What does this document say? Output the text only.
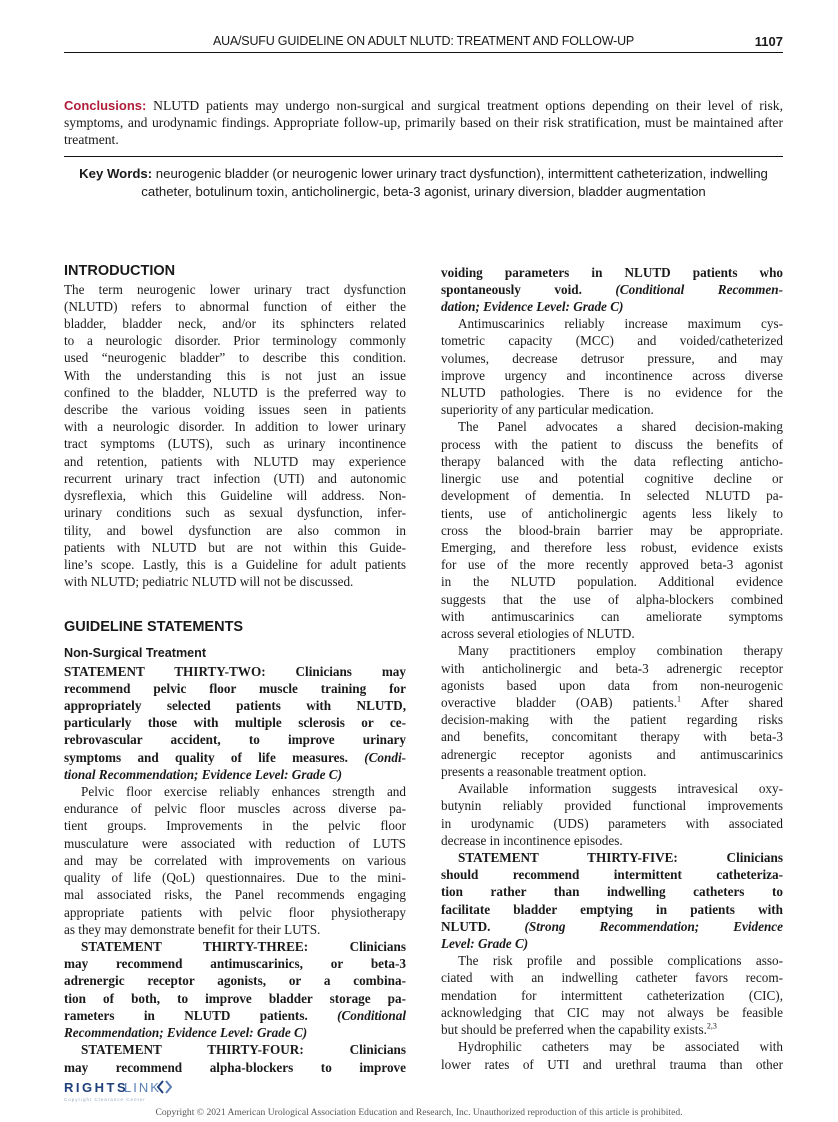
AUA/SUFU GUIDELINE ON ADULT NLUTD: TREATMENT AND FOLLOW-UP	1107
Conclusions: NLUTD patients may undergo non-surgical and surgical treatment options depending on their level of risk, symptoms, and urodynamic findings. Appropriate follow-up, primarily based on their risk stratification, must be maintained after treatment.
Key Words: neurogenic bladder (or neurogenic lower urinary tract dysfunction), intermittent catheterization, indwelling catheter, botulinum toxin, anticholinergic, beta-3 agonist, urinary diversion, bladder augmentation
INTRODUCTION
The term neurogenic lower urinary tract dysfunction
(NLUTD) refers to abnormal function of either the
bladder, bladder neck, and/or its sphincters related
to a neurologic disorder. Prior terminology commonly
used “neurogenic bladder” to describe this condition.
With the understanding this is not just an issue
confined to the bladder, NLUTD is the preferred way to
describe the various voiding issues seen in patients
with a neurologic disorder. In addition to lower urinary
tract symptoms (LUTS), such as urinary incontinence
and retention, patients with NLUTD may experience
recurrent urinary tract infection (UTI) and autonomic
dysreflexia, which this Guideline will address. Non-
urinary conditions such as sexual dysfunction, infer-
tility, and bowel dysfunction are also common in
patients with NLUTD but are not within this Guide-
line’s scope. Lastly, this is a Guideline for adult patients
with NLUTD; pediatric NLUTD will not be discussed.
GUIDELINE STATEMENTS
Non-Surgical Treatment
STATEMENT THIRTY-TWO: Clinicians may
recommend pelvic floor muscle training for
appropriately selected patients with NLUTD,
particularly those with multiple sclerosis or ce-
rebrovascular accident, to improve urinary
symptoms and quality of life measures. (Condi-
tional Recommendation; Evidence Level: Grade C)
Pelvic floor exercise reliably enhances strength and
endurance of pelvic floor muscles across diverse pa-
tient groups. Improvements in the pelvic floor
musculature were associated with reduction of LUTS
and may be correlated with improvements on various
quality of life (QoL) questionnaires. Due to the mini-
mal associated risks, the Panel recommends engaging
appropriate patients with pelvic floor physiotherapy
as they may demonstrate benefit for their LUTS.
STATEMENT THIRTY-THREE: Clinicians
may recommend antimuscarinics, or beta-3
adrenergic receptor agonists, or a combina-
tion of both, to improve bladder storage pa-
rameters in NLUTD patients. (Conditional
Recommendation; Evidence Level: Grade C)
STATEMENT THIRTY-FOUR: Clinicians
may recommend alpha-blockers to improve
voiding parameters in NLUTD patients who
spontaneously void. (Conditional Recommen-
dation; Evidence Level: Grade C)
Antimuscarinics reliably increase maximum cys-
tometric capacity (MCC) and voided/catheterized
volumes, decrease detrusor pressure, and may
improve urgency and incontinence across diverse
NLUTD pathologies. There is no evidence for the
superiority of any particular medication.
The Panel advocates a shared decision-making
process with the patient to discuss the benefits of
therapy balanced with the data reflecting anticho-
linergic use and potential cognitive decline or
development of dementia. In selected NLUTD pa-
tients, use of anticholinergic agents less likely to
cross the blood-brain barrier may be appropriate.
Emerging, and therefore less robust, evidence exists
for use of the more recently approved beta-3 agonist
in the NLUTD population. Additional evidence
suggests that the use of alpha-blockers combined
with antimuscarinics can ameliorate symptoms
across several etiologies of NLUTD.
Many practitioners employ combination therapy
with anticholinergic and beta-3 adrenergic receptor
agonists based upon data from non-neurogenic
overactive bladder (OAB) patients.$^1$ After shared
decision-making with the patient regarding risks
and benefits, concomitant therapy with beta-3
adrenergic receptor agonists and antimuscarinics
presents a reasonable treatment option.
Available information suggests intravesical oxy-
butynin reliably provided functional improvements
in urodynamic (UDS) parameters with associated
decrease in incontinence episodes.
STATEMENT THIRTY-FIVE: Clinicians
should recommend intermittent catheteriza-
tion rather than indwelling catheters to
facilitate bladder emptying in patients with
NLUTD. (Strong Recommendation; Evidence
Level: Grade C)
The risk profile and possible complications asso-
ciated with an indwelling catheter favors recom-
mendation for intermittent catheterization (CIC),
acknowledging that CIC may not always be feasible
but should be preferred when the capability exists.$^{2,3}$
Hydrophilic catheters may be associated with
lower rates of UTI and urethral trauma than other
RIGHTS
LINK
Copyright Clearance Center
Copyright © 2021 American Urological Association Education and Research, Inc. Unauthorized reproduction of this article is prohibited.
